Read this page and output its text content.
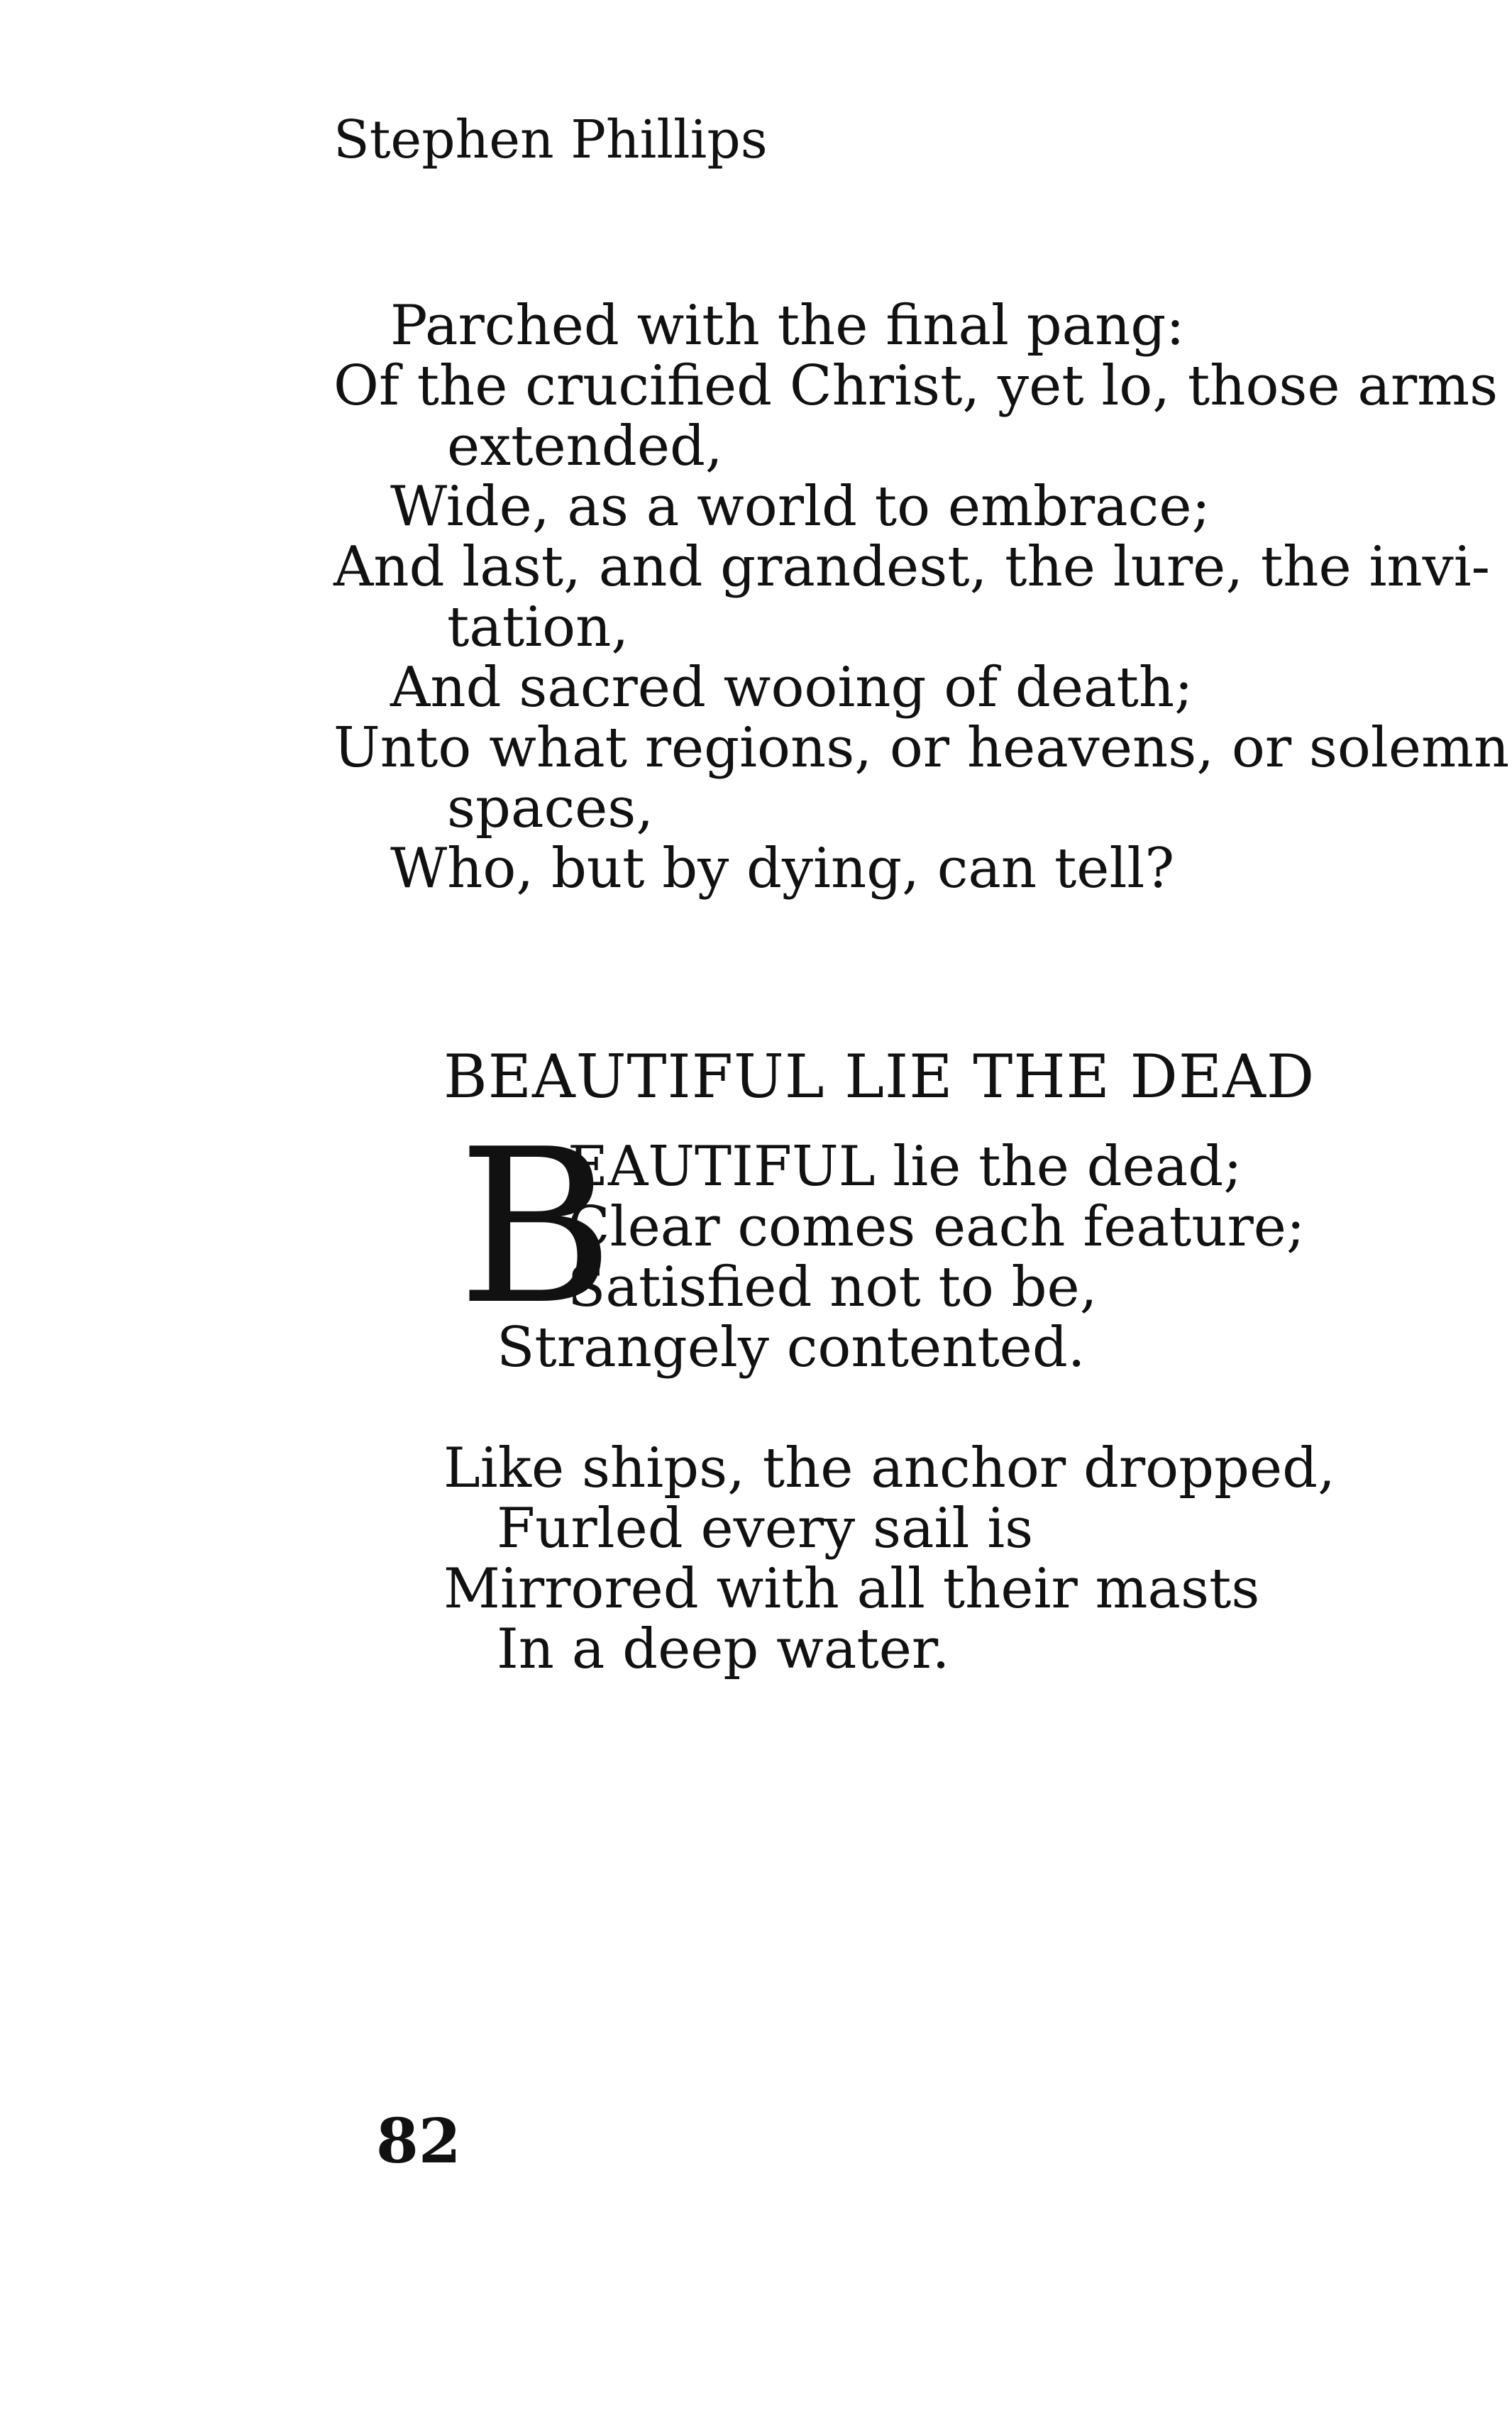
Stephen Phillips
Parched with the final pang:
Of the crucified Christ, yet lo, those arms
extended,
Wide, as a world to embrace;
And last, and grandest, the lure, the invi-
tation,
And sacred wooing of death;
Unto what regions, or heavens, or solemn
spaces,
Who, but by dying, can tell?
BEAUTIFUL LIE THE DEAD
B
EAUTIFUL lie the dead;
Clear comes each feature;
Satisfied not to be,
Strangely contented.
Like ships, the anchor dropped,
Furled every sail is
Mirrored with all their masts
In a deep water.
82
